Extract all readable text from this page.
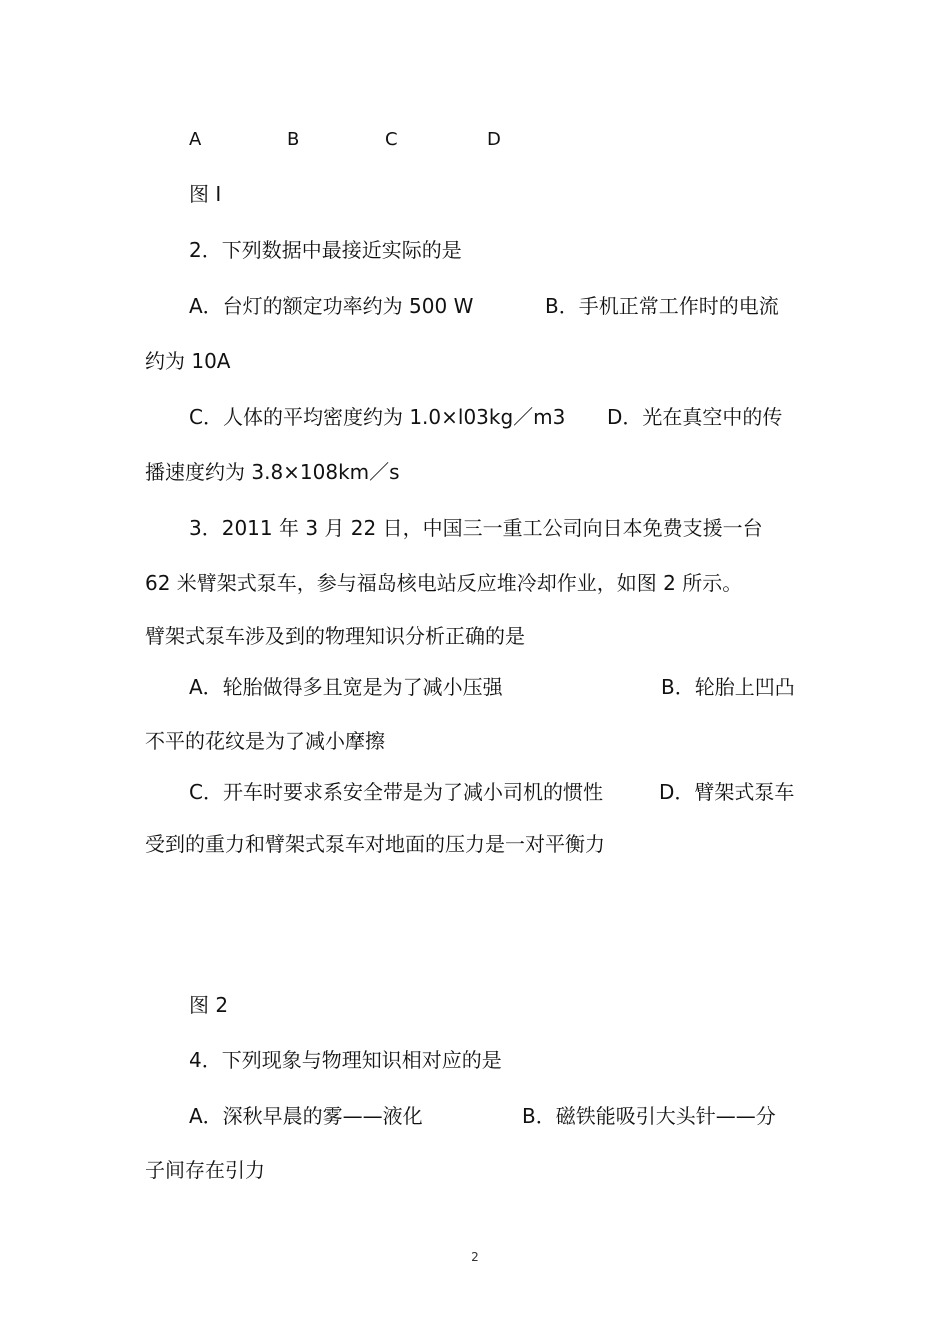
A	B	C	D
图 I
2．下列数据中最接近实际的是
A．台灯的额定功率约为 500 W	B．手机正常工作时的电流
约为 10A
C．人体的平均密度约为 1.0×l03kg／m3 D．光在真空中的传
播速度约为 3.8×108km／s
3．2011 年 3 月 22 日，中国三一重工公司向日本免费支援一台
62 米臂架式泵车，参与福岛核电站反应堆冷却作业，如图 2 所示。
臂架式泵车涉及到的物理知识分析正确的是
A．轮胎做得多且宽是为了减小压强	B．轮胎上凹凸
不平的花纹是为了减小摩擦
C．开车时要求系安全带是为了减小司机的惯性	D．臂架式泵车
受到的重力和臂架式泵车对地面的压力是一对平衡力
图 2
4．下列现象与物理知识相对应的是
A．深秋早晨的雾——液化	B．磁铁能吸引大头针——分
子间存在引力
2
